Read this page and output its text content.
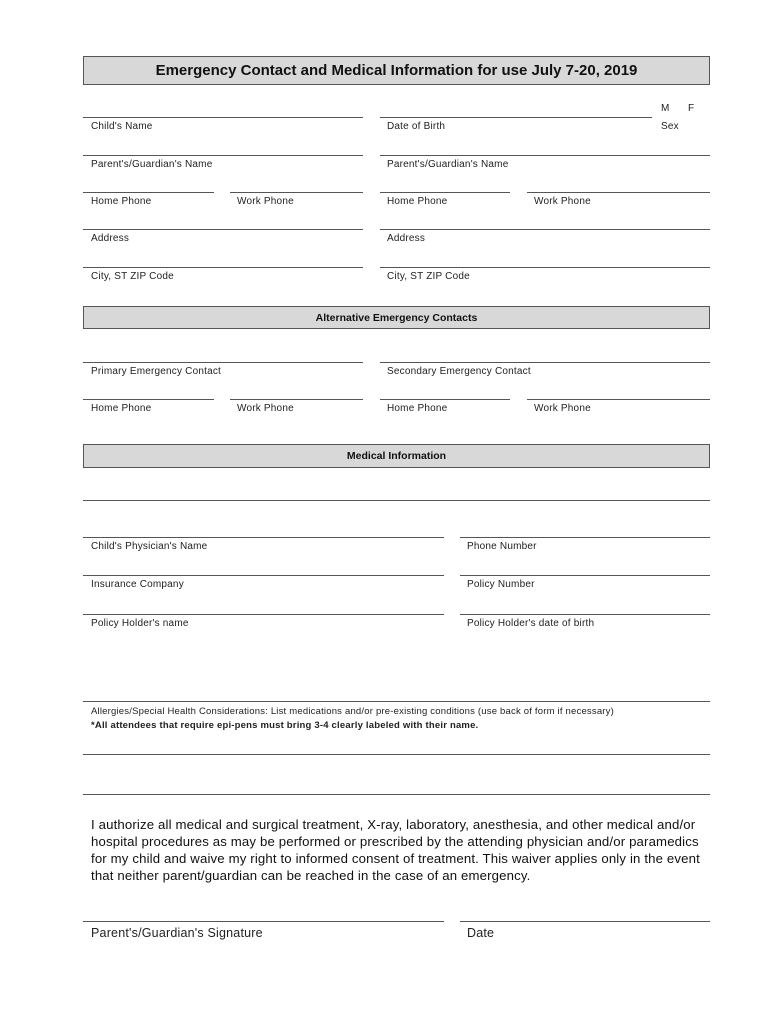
Emergency Contact and Medical Information for use July 7-20, 2019
Child's Name	Date of Birth
M F
Sex
Parent's/Guardian's Name	Parent's/Guardian's Name
Home Phone	Work Phone	Home Phone	Work Phone
Address	Address
City, ST ZIP Code	City, ST ZIP Code
Alternative Emergency Contacts
Primary Emergency Contact	Secondary Emergency Contact
Home Phone	Work Phone	Home Phone	Work Phone
Medical Information
Child's Physician's Name	Phone Number
Insurance Company	Policy Number
Policy Holder's name	Policy Holder's date of birth
Allergies/Special Health Considerations: List medications and/or pre-existing conditions (use back of form if necessary)
*All attendees that require epi-pens must bring 3-4 clearly labeled with their name.
I authorize all medical and surgical treatment, X-ray, laboratory, anesthesia, and other medical and/or hospital procedures as may be performed or prescribed by the attending physician and/or paramedics for my child and waive my right to informed consent of treatment. This waiver applies only in the event that neither parent/guardian can be reached in the case of an emergency.
Parent's/Guardian's Signature	Date
